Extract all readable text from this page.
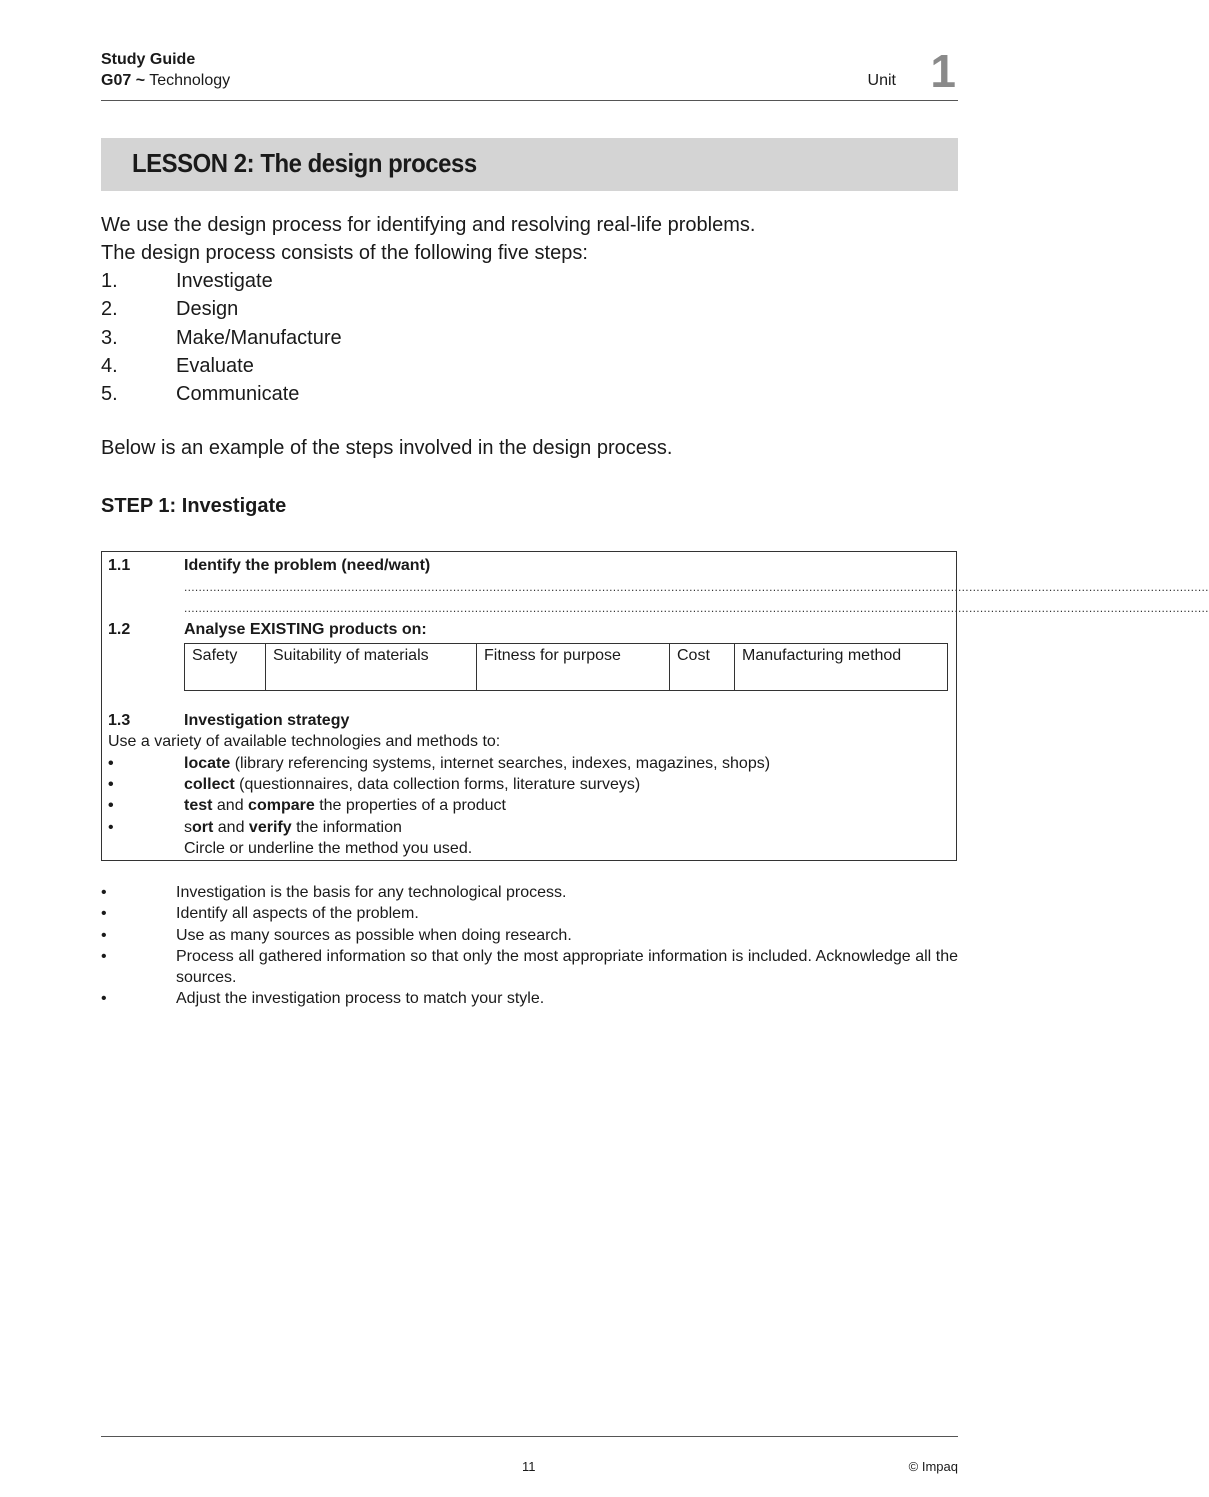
Study Guide
G07 ~ Technology	Unit 1
LESSON 2: The design process

We use the design process for identifying and resolving real-life problems.

The design process consists of the following five steps:

1.	Investigate
2.	Design
3.	Make/Manufacture
4.	Evaluate
5.	Communicate
Below is an example of the steps involved in the design process.
STEP 1: Investigate
1.1	Identify the problem (need/want)
..........................................................................................................................................................................................................................................................................................
..........................................................................................................................................................................................................................................................................................
1.2	Analyse EXISTING products on:
Safety	Suitability of materials	Fitness for purpose	Cost	Manufacturing method
1.3	Investigation strategy
Use a variety of available technologies and methods to:
•	locate (library referencing systems, internet searches, indexes, magazines, shops)
•	collect (questionnaires, data collection forms, literature surveys)
•	test and compare the properties of a product
•	sort and verify the information
Circle or underline the method you used.
•	Investigation is the basis for any technological process.
•	Identify all aspects of the problem.
•	Use as many sources as possible when doing research.
•	Process all gathered information so that only the most appropriate information is included. Acknowledge all the sources.
•	Adjust the investigation process to match your style.
11	© Impaq
